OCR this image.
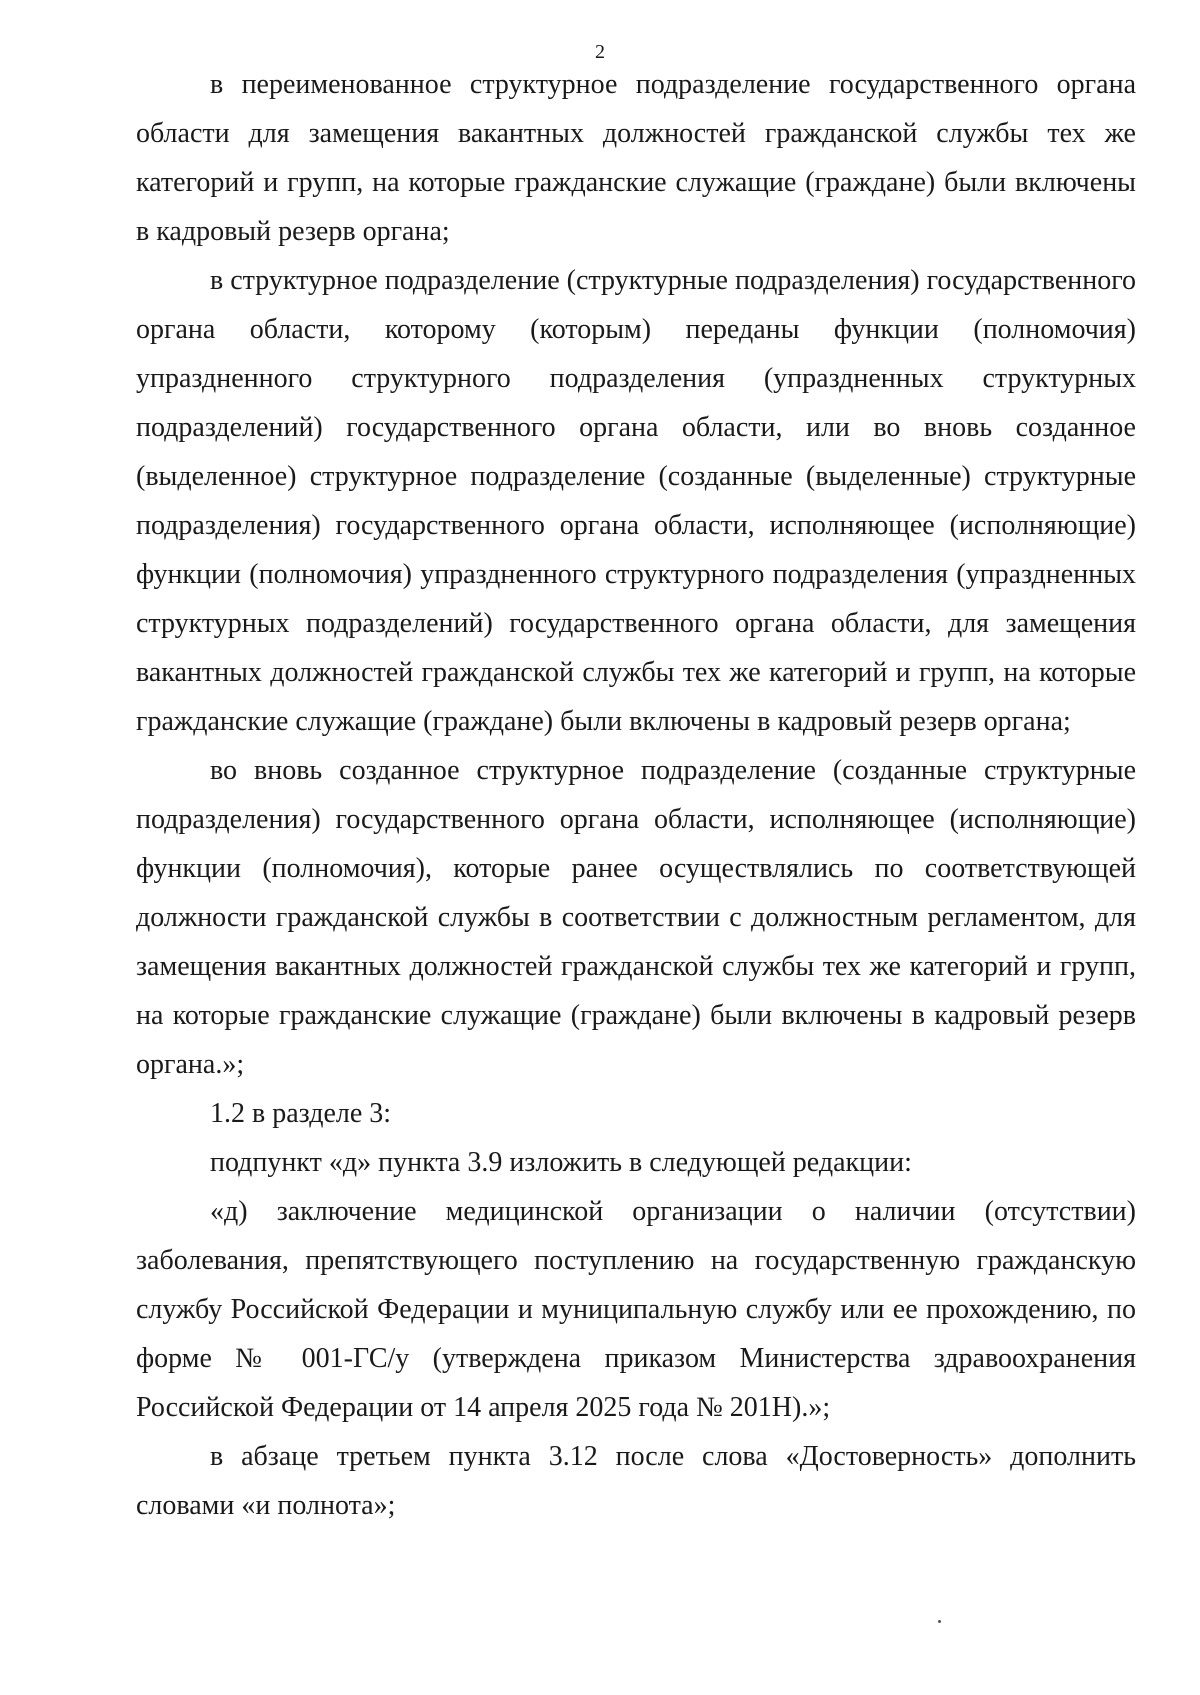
2

в переименованное структурное подразделение государственного органа области для замещения вакантных должностей гражданской службы тех же категорий и групп, на которые гражданские служащие (граждане) были включены в кадровый резерв органа;

в структурное подразделение (структурные подразделения) государственного органа области, которому (которым) переданы функции (полномочия) упраздненного структурного подразделения (упраздненных структурных подразделений) государственного органа области, или во вновь созданное (выделенное) структурное подразделение (созданные (выделенные) структурные подразделения) государственного органа области, исполняющее (исполняющие) функции (полномочия) упраздненного структурного подразделения (упраздненных структурных подразделений) государственного органа области, для замещения вакантных должностей гражданской службы тех же категорий и групп, на которые гражданские служащие (граждане) были включены в кадровый резерв органа;

во вновь созданное структурное подразделение (созданные структурные подразделения) государственного органа области, исполняющее (исполняющие) функции (полномочия), которые ранее осуществлялись по соответствующей должности гражданской службы в соответствии с должностным регламентом, для замещения вакантных должностей гражданской службы тех же категорий и групп, на которые гражданские служащие (граждане) были включены в кадровый резерв органа.»;

1.2 в разделе 3:

подпункт «д» пункта 3.9 изложить в следующей редакции:

«д) заключение медицинской организации о наличии (отсутствии) заболевания, препятствующего поступлению на государственную гражданскую службу Российской Федерации и муниципальную службу или ее прохождению, по форме № 001-ГС/у (утверждена приказом Министерства здравоохранения Российской Федерации от 14 апреля 2025 года № 201Н).»;

в абзаце третьем пункта 3.12 после слова «Достоверность» дополнить словами «и полнота»;
